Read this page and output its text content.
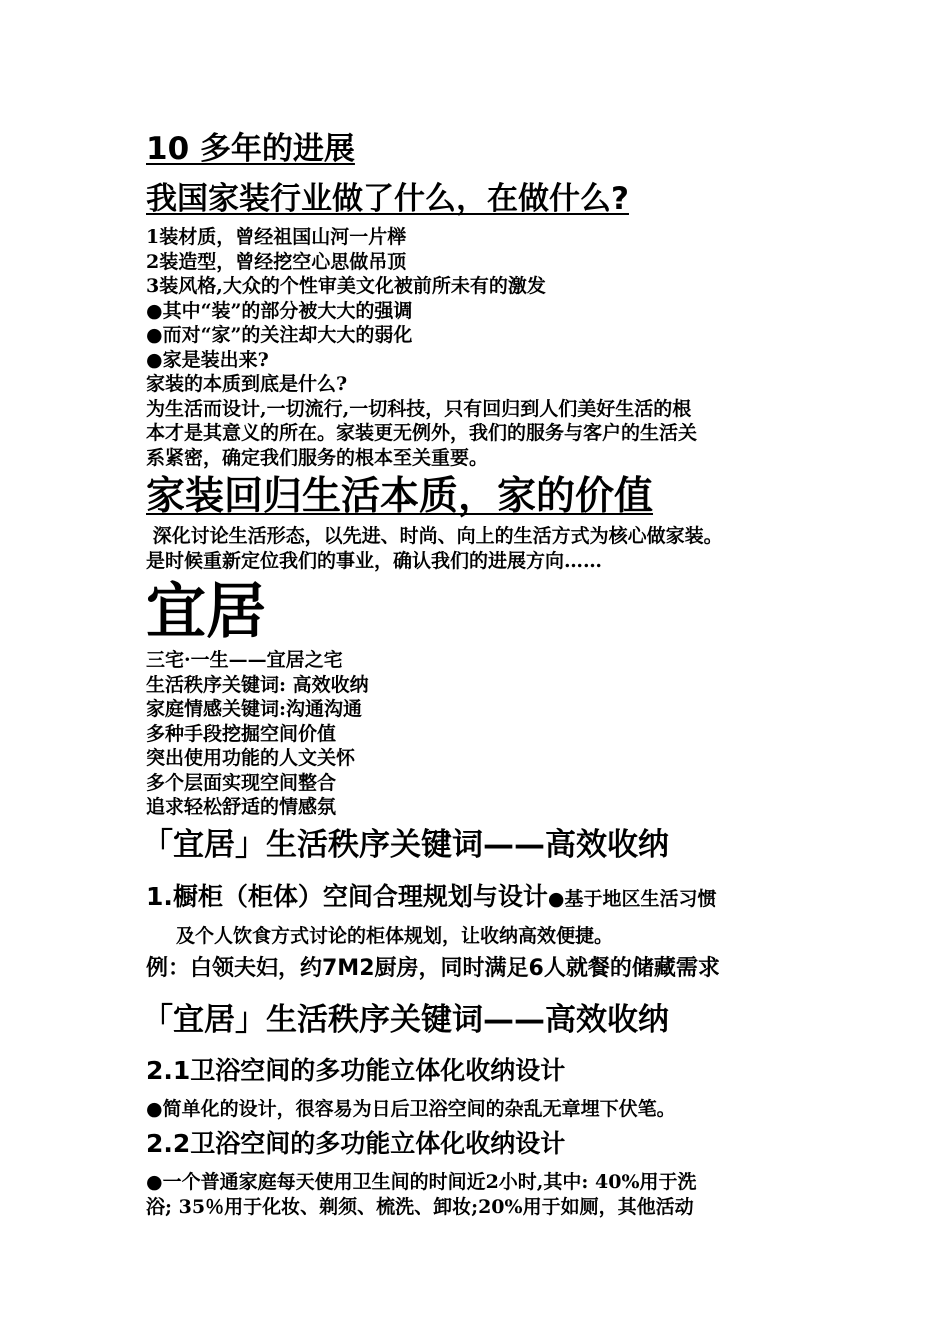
10 多年的进展
我国家装行业做了什么，在做什么?
1装材质，曾经祖国山河一片榉
2装造型，曾经挖空心思做吊顶
3装风格,大众的个性审美文化被前所未有的激发
●其中“装”的部分被大大的强调
●而对“家”的关注却大大的弱化
●家是装出来?
家装的本质到底是什么?
为生活而设计,一切流行,一切科技，只有回归到人们美好生活的根
本才是其意义的所在。家装更无例外，我们的服务与客户的生活关
系紧密，确定我们服务的根本至关重要。
家装回归生活本质，家的价值
深化讨论生活形态，以先进、时尚、向上的生活方式为核心做家装。
是时候重新定位我们的事业，确认我们的进展方向……
宜居
三宅·一生——宜居之宅
生活秩序关键词: 高效收纳
家庭情感关键词:沟通沟通
多种手段挖掘空间价值
突出使用功能的人文关怀
多个层面实现空间整合
追求轻松舒适的情感氛
「宜居」生活秩序关键词——高效收纳

1.橱柜（柜体）空间合理规划与设计●基于地区生活习惯

及个人饮食方式讨论的柜体规划，让收纳高效便捷。

例：白领夫妇，约7M2厨房，同时满足6人就餐的储藏需求

「宜居」生活秩序关键词——高效收纳
2.1卫浴空间的多功能立体化收纳设计

●简单化的设计，很容易为日后卫浴空间的杂乱无章埋下伏笔。

2.2卫浴空间的多功能立体化收纳设计
●一个普通家庭每天使用卫生间的时间近2小时,其中: 40%用于洗
浴; 35％用于化妆、剃须、梳洗、卸妆;20%用于如厕，其他活动
